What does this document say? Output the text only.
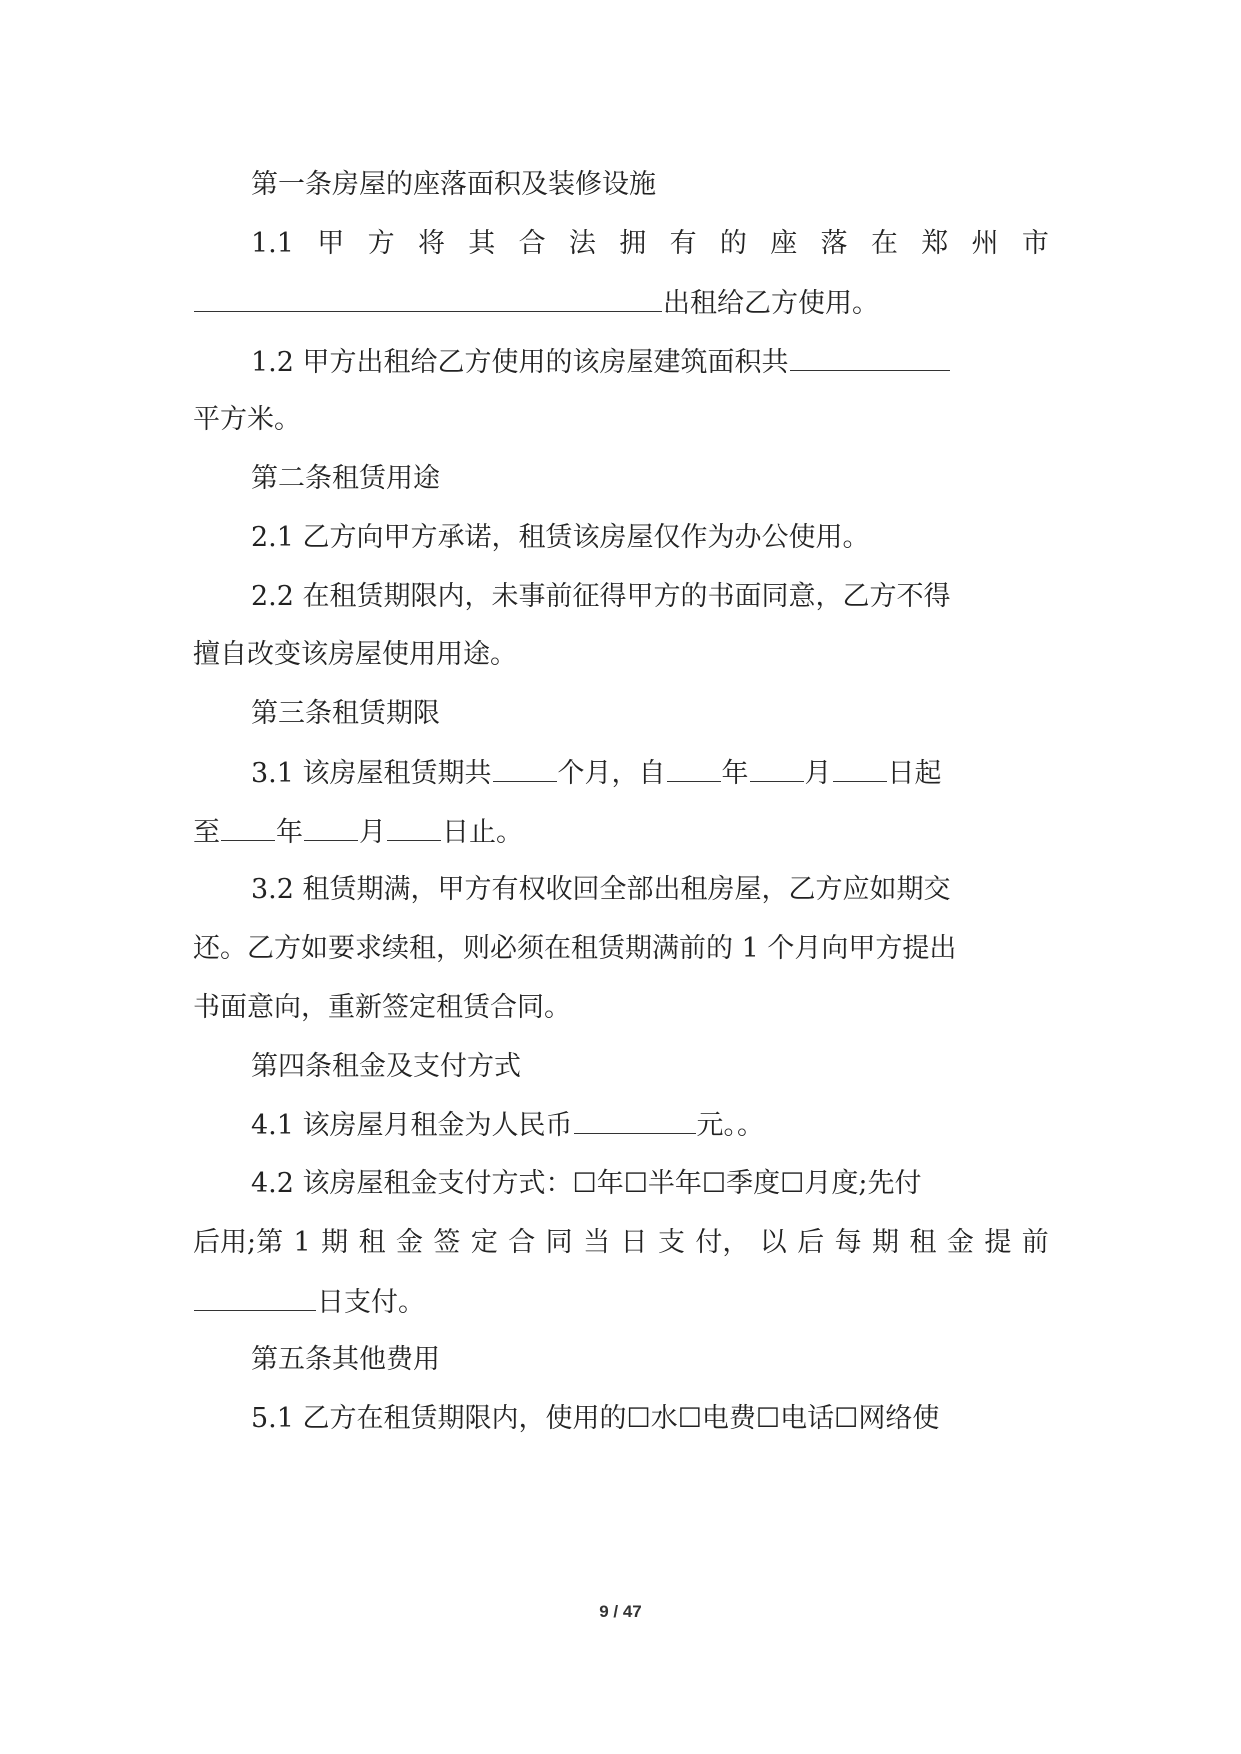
第一条房屋的座落面积及装修设施
1.1 甲 方 将 其 合 法 拥 有 的 座 落 在 郑 州 市
出租给乙方使用。
1.2 甲方出租给乙方使用的该房屋建筑面积共
平方米。
第二条租赁用途
2.1 乙方向甲方承诺，租赁该房屋仅作为办公使用。
2.2 在租赁期限内，未事前征得甲方的书面同意，乙方不得
擅自改变该房屋使用用途。
第三条租赁期限
3.1 该房屋租赁期共 个月，自 年 月 日起
至 年 月 日止。
3.2 租赁期满，甲方有权收回全部出租房屋，乙方应如期交
还。乙方如要求续租，则必须在租赁期满前的 1 个月向甲方提出
书面意向，重新签定租赁合同。
第四条租金及支付方式
4.1 该房屋月租金为人民币	元。。
4.2 该房屋租金支付方式：☐年☐半年☐季度☐月度;先付
后用;第 1 期 租 金 签 定 合 同 当 日 支 付， 以 后 每 期 租 金 提 前
日支付。
第五条其他费用
5.1 乙方在租赁期限内，使用的☐水☐电费☐电话☐网络使
9 / 47
